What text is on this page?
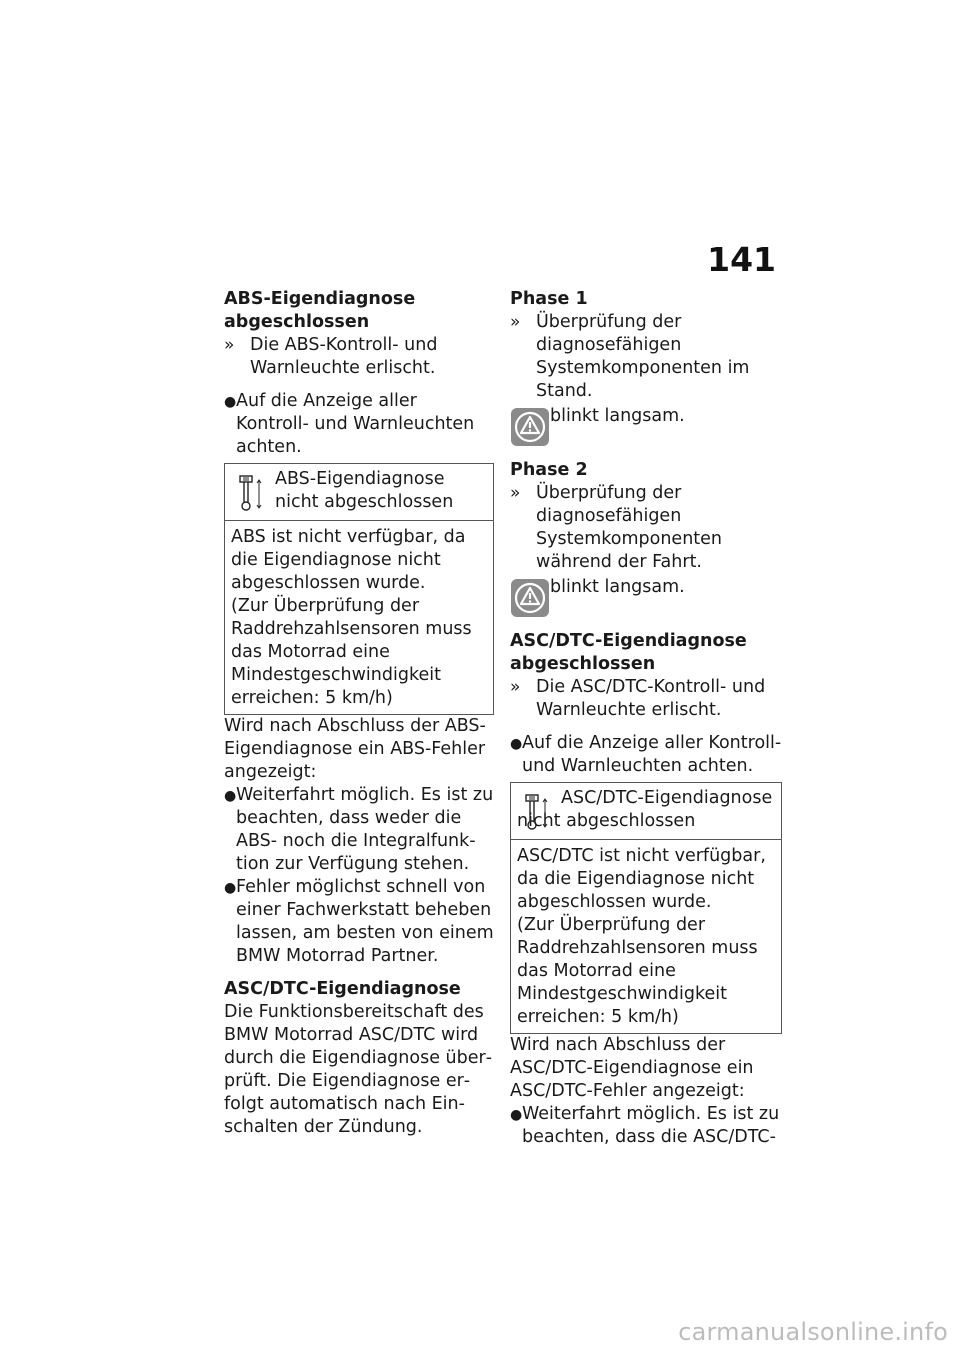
141

ABS-Eigendiagnose
abgeschlossen

» Die ABS-Kontroll- und Warnleuchte erlischt.
● Auf die Anzeige aller Kontroll- und Warnleuchten achten.
ABS-Eigendiagnose nicht abgeschlossen

ABS ist nicht verfügbar, da die Eigendiagnose nicht abgeschlossen wurde.

(Zur Überprüfung der Raddrehzahlsensoren muss das Motorrad eine Mindestgeschwindigkeit erreichen: 5 km/h)

Wird nach Abschluss der ABS-Eigendiagnose ein ABS-Fehler angezeigt:

● Weiterfahrt möglich. Es ist zu beachten, dass weder die ABS- noch die Integralfunktion zur Verfügung stehen.
● Fehler möglichst schnell von einer Fachwerkstatt beheben lassen, am besten von einem BMW Motorrad Partner.

ASC/DTC-Eigendiagnose

Die Funktionsbereitschaft des BMW Motorrad ASC/DTC wird durch die Eigendiagnose überprüft. Die Eigendiagnose erfolgt automatisch nach Einschalten der Zündung.

Phase 1

» Überprüfung der diagnosefähigen Systemkomponenten im Stand.
blinkt langsam.

Phase 2

» Überprüfung der diagnosefähigen Systemkomponenten während der Fahrt.
blinkt langsam.

ASC/DTC-Eigendiagnose
abgeschlossen

» Die ASC/DTC-Kontroll- und Warnleuchte erlischt.
● Auf die Anzeige aller Kontroll- und Warnleuchten achten.
ASC/DTC-Eigendiagnose nicht abgeschlossen

ASC/DTC ist nicht verfügbar, da die Eigendiagnose nicht abgeschlossen wurde.

(Zur Überprüfung der Raddrehzahlsensoren muss das Motorrad eine Mindestgeschwindigkeit erreichen: 5 km/h)

Wird nach Abschluss der ASC/DTC-Eigendiagnose ein ASC/DTC-Fehler angezeigt:

● Weiterfahrt möglich. Es ist zu beachten, dass die ASC/DTC-
carmanualsonline.info
